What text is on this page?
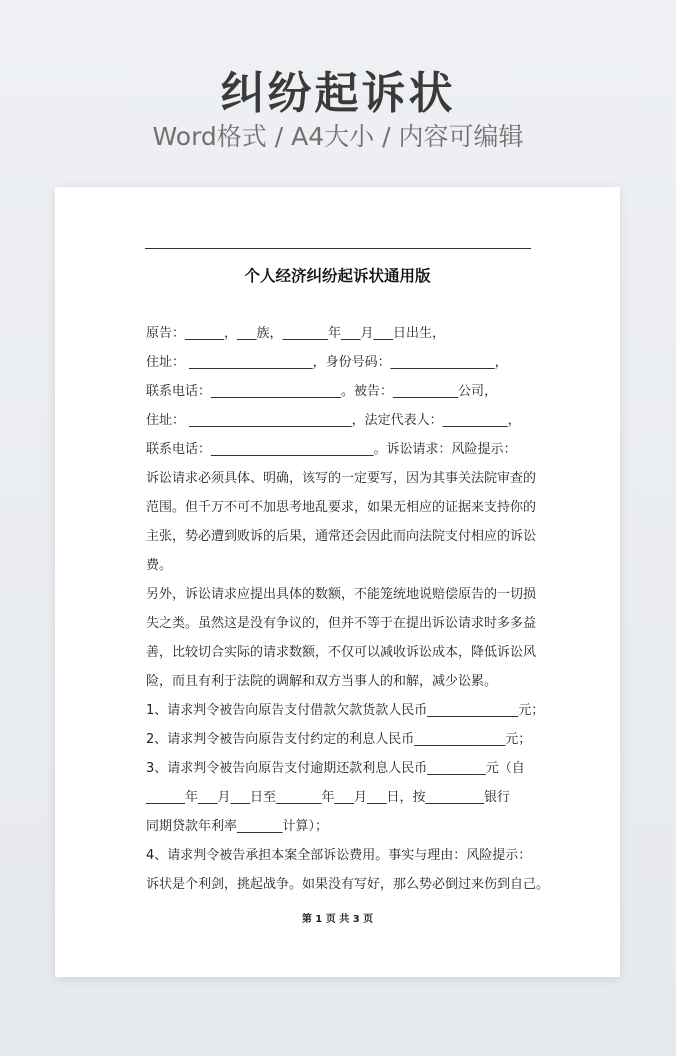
纠纷起诉状
Word格式 / A4大小 / 内容可编辑
个人经济纠纷起诉状通用版
原告：______，___族，_______年___月___日出生，
住址： ___________________，身份号码：________________，
联系电话：____________________。被告：__________公司，
住址： _________________________，法定代表人：__________，
联系电话：_________________________。诉讼请求：风险提示：
诉讼请求必须具体、明确，该写的一定要写，因为其事关法院审查的
范围。但千万不可不加思考地乱要求，如果无相应的证据来支持你的
主张，势必遭到败诉的后果，通常还会因此而向法院支付相应的诉讼
费。
另外，诉讼请求应提出具体的数额，不能笼统地说赔偿原告的一切损
失之类。虽然这是没有争议的，但并不等于在提出诉讼请求时多多益
善，比较切合实际的请求数额，不仅可以减收诉讼成本，降低诉讼风
险，而且有利于法院的调解和双方当事人的和解，减少讼累。
1、请求判令被告向原告支付借款欠款货款人民币______________元；
2、请求判令被告向原告支付约定的利息人民币______________元；
3、请求判令被告向原告支付逾期还款利息人民币_________元（自
______年___月___日至_______年___月___日，按_________银行
同期贷款年利率_______计算）；
4、请求判令被告承担本案全部诉讼费用。事实与理由：风险提示：
诉状是个利剑，挑起战争。如果没有写好，那么势必倒过来伤到自己。
第 1 页 共 3 页
